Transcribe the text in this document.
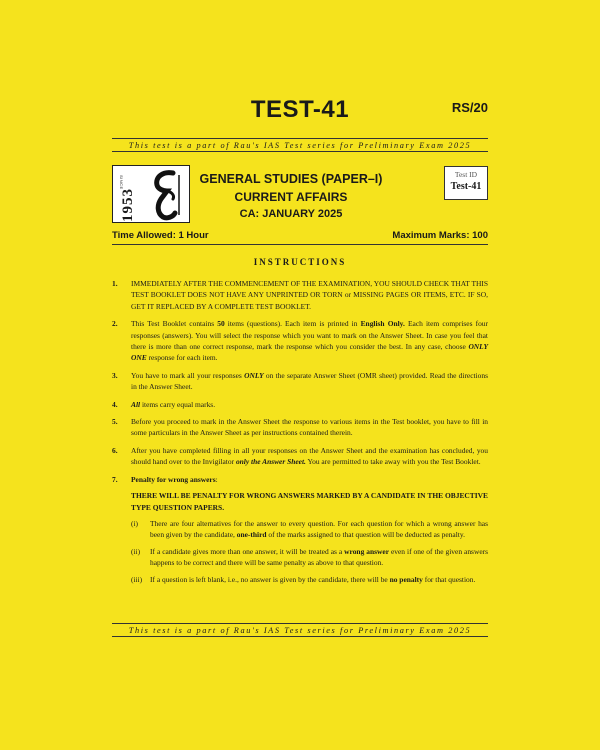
TEST-41	RS/20
This test is a part of Rau's IAS Test series for Preliminary Exam 2025
SINCE
1953
GENERAL STUDIES (PAPER–I)
CURRENT AFFAIRS
CA: JANUARY 2025
Test ID
Test-41
Time Allowed: 1 Hour	Maximum Marks: 100
INSTRUCTIONS
1. IMMEDIATELY AFTER THE COMMENCEMENT OF THE EXAMINATION, YOU SHOULD CHECK THAT THIS TEST BOOKLET DOES NOT HAVE ANY UNPRINTED OR TORN or MISSING PAGES OR ITEMS, ETC. IF SO, GET IT REPLACED BY A COMPLETE TEST BOOKLET.
2. This Test Booklet contains 50 items (questions). Each item is printed in English Only. Each item comprises four responses (answers). You will select the response which you want to mark on the Answer Sheet. In case you feel that there is more than one correct response, mark the response which you consider the best. In any case, choose ONLY ONE response for each item.
3. You have to mark all your responses ONLY on the separate Answer Sheet (OMR sheet) provided. Read the directions in the Answer Sheet.
4. All items carry equal marks.
5. Before you proceed to mark in the Answer Sheet the response to various items in the Test booklet, you have to fill in some particulars in the Answer Sheet as per instructions contained therein.
6. After you have completed filling in all your responses on the Answer Sheet and the examination has concluded, you should hand over to the Invigilator only the Answer Sheet. You are permitted to take away with you the Test Booklet.
7. Penalty for wrong answers:
THERE WILL BE PENALTY FOR WRONG ANSWERS MARKED BY A CANDIDATE IN THE OBJECTIVE TYPE QUESTION PAPERS.
(i) There are four alternatives for the answer to every question. For each question for which a wrong answer has been given by the candidate, one-third of the marks assigned to that question will be deducted as penalty.
(ii) If a candidate gives more than one answer, it will be treated as a wrong answer even if one of the given answers happens to be correct and there will be same penalty as above to that question.
(iii) If a question is left blank, i.e., no answer is given by the candidate, there will be no penalty for that question.
This test is a part of Rau's IAS Test series for Preliminary Exam 2025
